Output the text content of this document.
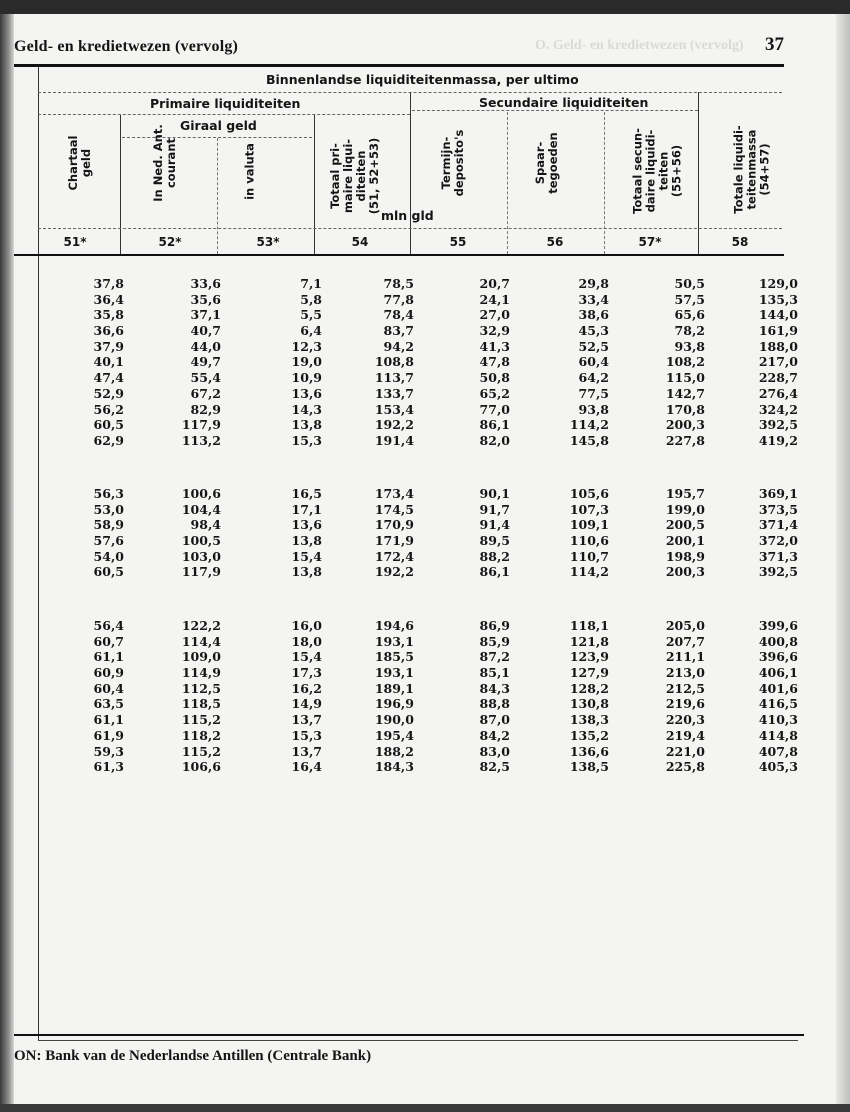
Geld- en kredietwezen (vervolg)	O. Geld- en kredietwezen (vervolg) 37
Binnenlandse liquiditeitenmassa, per ultimo
Primaire liquiditeiten	Secundaire liquiditeiten
Giraal geld
Chartaal geld	In Ned. Ant. courant	in valuta	Totaal pri- maire liqui- diteiten (51, 52+53)	Termijn- deposito's	Spaar- tegoeden	Totaal secun- daire liquidi- teiten (55+56)	Totale liquidi- teitenmassa (54+57)
mln gld
51*	52*	53*	54	55	56	57*	58
37,8	33,6	7,1	78,5	20,7	29,8	50,5	129,0
36,4	35,6	5,8	77,8	24,1	33,4	57,5	135,3
35,8	37,1	5,5	78,4	27,0	38,6	65,6	144,0
36,6	40,7	6,4	83,7	32,9	45,3	78,2	161,9
37,9	44,0	12,3	94,2	41,3	52,5	93,8	188,0
40,1	49,7	19,0	108,8	47,8	60,4	108,2	217,0
47,4	55,4	10,9	113,7	50,8	64,2	115,0	228,7
52,9	67,2	13,6	133,7	65,2	77,5	142,7	276,4
56,2	82,9	14,3	153,4	77,0	93,8	170,8	324,2
60,5	117,9	13,8	192,2	86,1	114,2	200,3	392,5
62,9	113,2	15,3	191,4	82,0	145,8	227,8	419,2
56,3	100,6	16,5	173,4	90,1	105,6	195,7	369,1
53,0	104,4	17,1	174,5	91,7	107,3	199,0	373,5
58,9	98,4	13,6	170,9	91,4	109,1	200,5	371,4
57,6	100,5	13,8	171,9	89,5	110,6	200,1	372,0
54,0	103,0	15,4	172,4	88,2	110,7	198,9	371,3
60,5	117,9	13,8	192,2	86,1	114,2	200,3	392,5
56,4	122,2	16,0	194,6	86,9	118,1	205,0	399,6
60,7	114,4	18,0	193,1	85,9	121,8	207,7	400,8
61,1	109,0	15,4	185,5	87,2	123,9	211,1	396,6
60,9	114,9	17,3	193,1	85,1	127,9	213,0	406,1
60,4	112,5	16,2	189,1	84,3	128,2	212,5	401,6
63,5	118,5	14,9	196,9	88,8	130,8	219,6	416,5
61,1	115,2	13,7	190,0	87,0	138,3	220,3	410,3
61,9	118,2	15,3	195,4	84,2	135,2	219,4	414,8
59,3	115,2	13,7	188,2	83,0	136,6	221,0	407,8
61,3	106,6	16,4	184,3	82,5	138,5	225,8	405,3
ON: Bank van de Nederlandse Antillen (Centrale Bank)
